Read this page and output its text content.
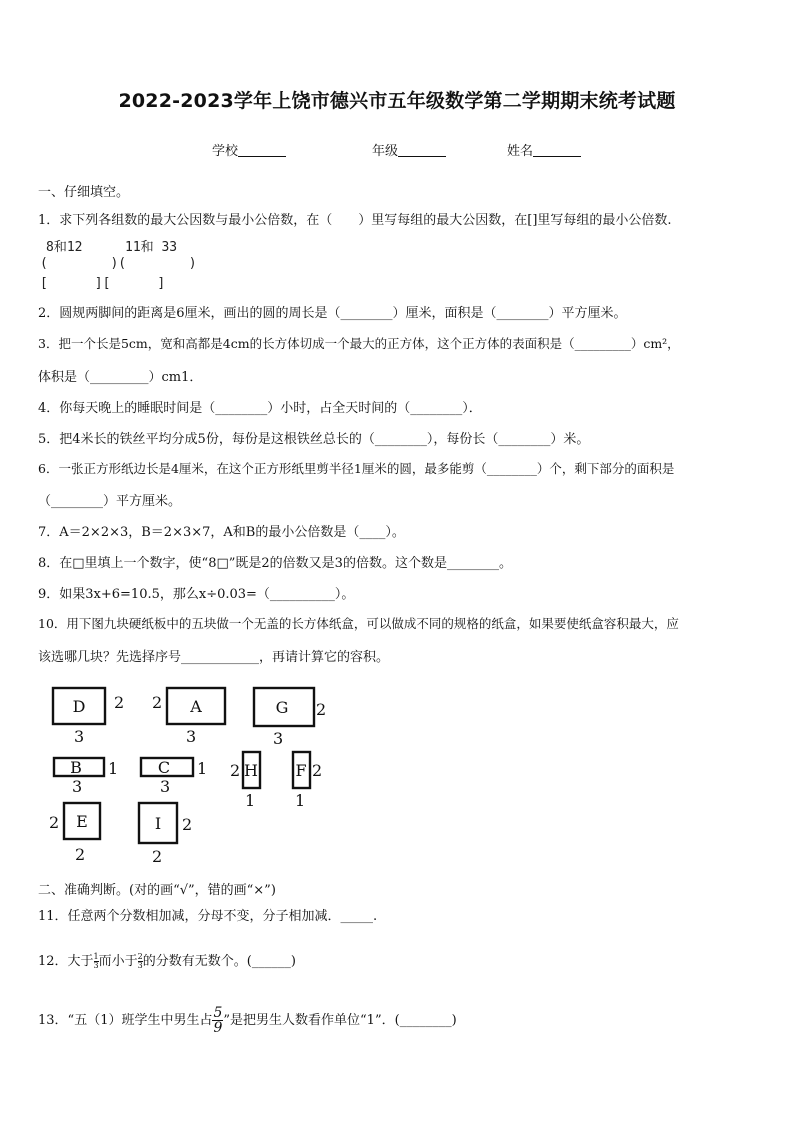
2022-2023学年上饶市德兴市五年级数学第二学期期末统考试题
学校	年级	姓名
一、仔细填空。
1．求下列各组数的最大公因数与最小公倍数，在（　　）里写每组的最大公因数，在[]里写每组的最小公倍数.
8和12	11和 33
(        )(        )
[      ][      ]
2．圆规两脚间的距离是6厘米，画出的圆的周长是（________）厘米，面积是（________）平方厘米。
3．把一个长是5cm，宽和高都是4cm的长方体切成一个最大的正方体，这个正方体的表面积是（_________）cm²，
体积是（_________）cm1．
4．你每天晚上的睡眠时间是（________）小时，占全天时间的（________）．
5．把4米长的铁丝平均分成5份，每份是这根铁丝总长的（________），每份长（________）米。
6．一张正方形纸边长是4厘米，在这个正方形纸里剪半径1厘米的圆，最多能剪（________）个，剩下部分的面积是
（________）平方厘米。
7．A＝2×2×3，B＝2×3×7，A和B的最小公倍数是（____）。
8．在□里填上一个数字，使“8□”既是2的倍数又是3的倍数。这个数是________。
9．如果3x+6=10.5，那么x÷0.03=（__________）。
10．用下图九块硬纸板中的五块做一个无盖的长方体纸盒，可以做成不同的规格的纸盒，如果要使纸盒容积最大，应
该选哪几块？先选择序号____________，再请计算它的容积。
D 2
3
A
2
3
G 2
3
B 1
3
C 1
3
H
2
1
F 2
1
E
2
2
I 2
2
二、准确判断。(对的画“√”，错的画“×”)
11．任意两个分数相加减，分母不变，分子相加减．_____.
12．大于 $\frac{1}{3}$ 而小于 $\frac{2}{3}$ 的分数有无数个。(______)
13．“五（1）班学生中男生占 $\frac{5}{9}$ ”是把男生人数看作单位“1”．(________)
